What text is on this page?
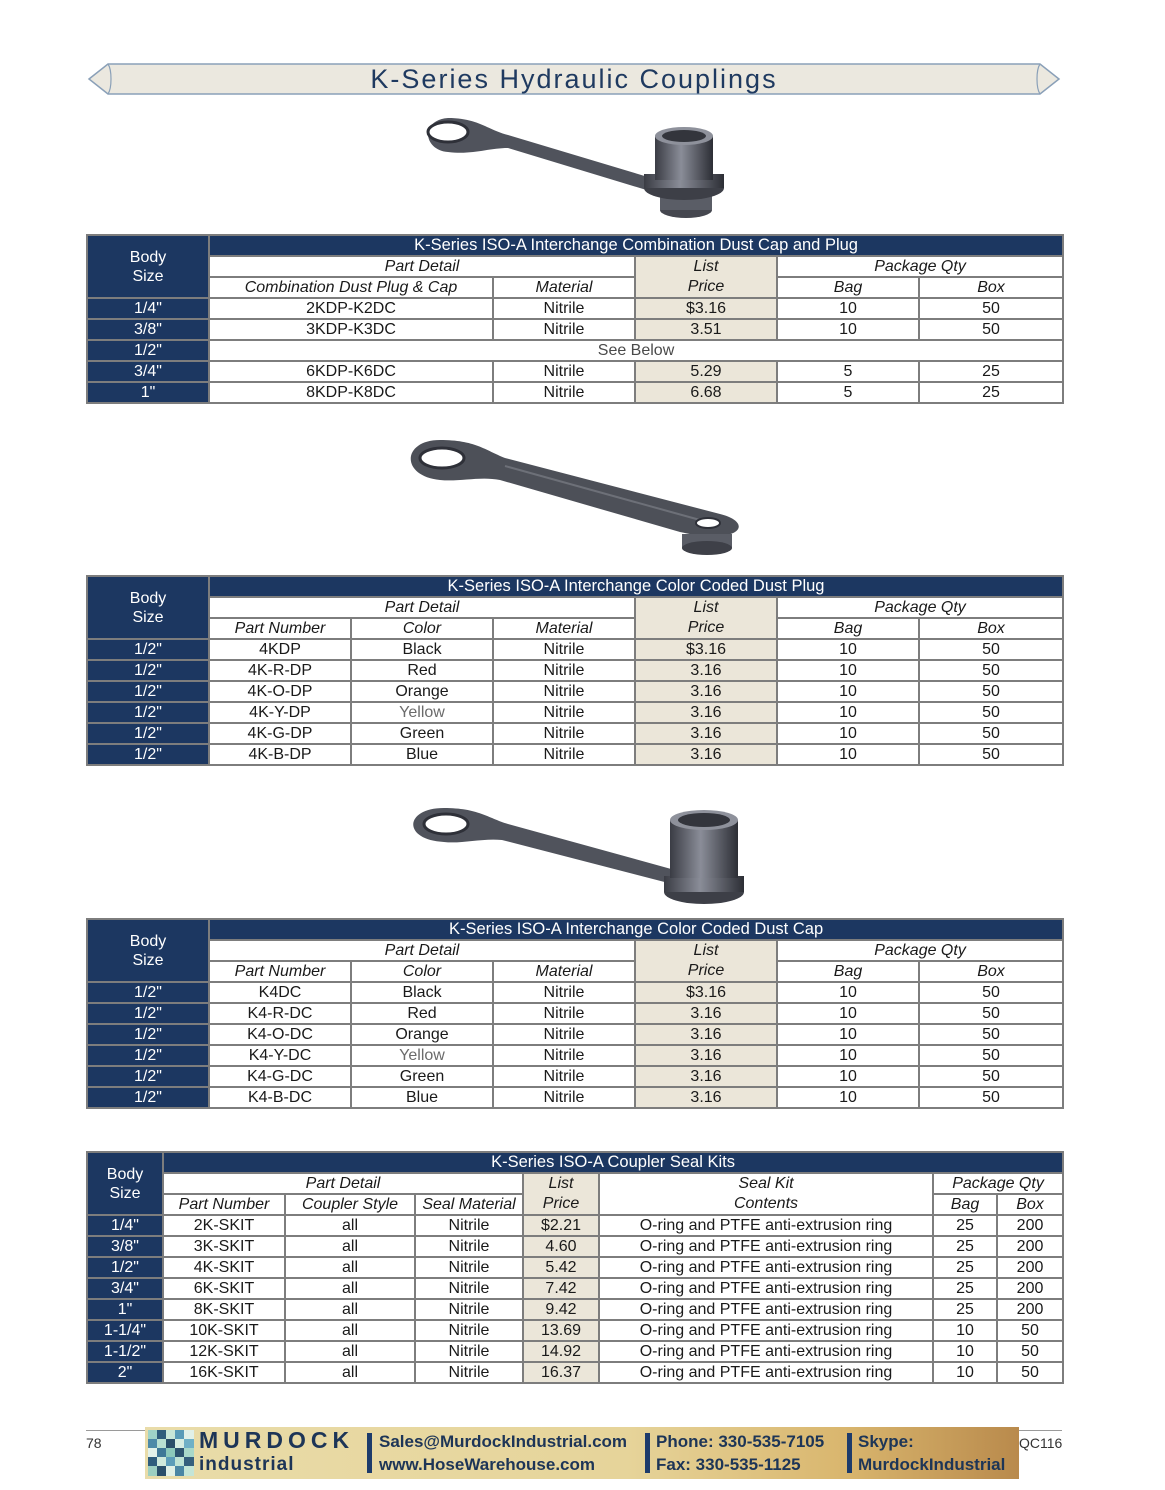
K-Series Hydraulic Couplings
Body
Size	K-Series ISO-A Interchange Combination Dust Cap and Plug				
	Part Detail		List
Price	Package Qty	
	Combination Dust Plug & Cap	Material		Bag	Box
1/4"	2KDP-K2DC	Nitrile	$3.16	10	50
3/8"	3KDP-K3DC	Nitrile	3.51	10	50
1/2"	See Below				
3/4"	6KDP-K6DC	Nitrile	5.29	5	25
1"	8KDP-K8DC	Nitrile	6.68	5	25
Body
Size	K-Series ISO-A Interchange Color Coded Dust Plug					
	Part Detail			List
Price	Package Qty	
	Part Number	Color	Material		Bag	Box
1/2"	4KDP	Black	Nitrile	$3.16	10	50
1/2"	4K-R-DP	Red	Nitrile	3.16	10	50
1/2"	4K-O-DP	Orange	Nitrile	3.16	10	50
1/2"	4K-Y-DP	Yellow	Nitrile	3.16	10	50
1/2"	4K-G-DP	Green	Nitrile	3.16	10	50
1/2"	4K-B-DP	Blue	Nitrile	3.16	10	50
Body
Size	K-Series ISO-A Interchange Color Coded Dust Cap					
	Part Detail			List
Price	Package Qty	
	Part Number	Color	Material		Bag	Box
1/2"	K4DC	Black	Nitrile	$3.16	10	50
1/2"	K4-R-DC	Red	Nitrile	3.16	10	50
1/2"	K4-O-DC	Orange	Nitrile	3.16	10	50
1/2"	K4-Y-DC	Yellow	Nitrile	3.16	10	50
1/2"	K4-G-DC	Green	Nitrile	3.16	10	50
1/2"	K4-B-DC	Blue	Nitrile	3.16	10	50
Body
Size	K-Series ISO-A Coupler Seal Kits						
	Part Detail			List
Price	Seal Kit
Contents	Package Qty	
	Part Number	Coupler Style	Seal Material			Bag	Box
1/4"	2K-SKIT	all	Nitrile	$2.21	O-ring and PTFE anti-extrusion ring	25	200
3/8"	3K-SKIT	all	Nitrile	4.60	O-ring and PTFE anti-extrusion ring	25	200
1/2"	4K-SKIT	all	Nitrile	5.42	O-ring and PTFE anti-extrusion ring	25	200
3/4"	6K-SKIT	all	Nitrile	7.42	O-ring and PTFE anti-extrusion ring	25	200
1"	8K-SKIT	all	Nitrile	9.42	O-ring and PTFE anti-extrusion ring	25	200
1-1/4"	10K-SKIT	all	Nitrile	13.69	O-ring and PTFE anti-extrusion ring	10	50
1-1/2"	12K-SKIT	all	Nitrile	14.92	O-ring and PTFE anti-extrusion ring	10	50
2"	16K-SKIT	all	Nitrile	16.37	O-ring and PTFE anti-extrusion ring	10	50
78	QC116
MURDOCK
industrial
Sales@MurdockIndustrial.com
www.HoseWarehouse.com
Phone: 330-535-7105
Fax: 330-535-1125
Skype:
MurdockIndustrial
